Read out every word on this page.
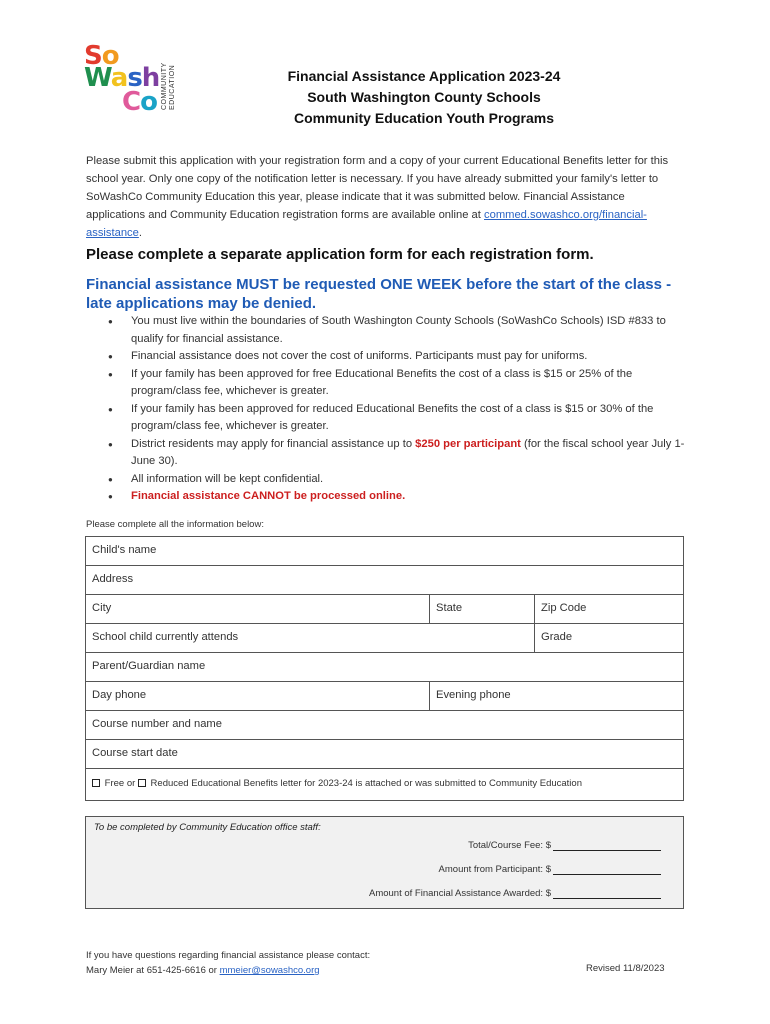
So
Wash
Co COMMUNITY EDUCATION	Financial Assistance Application 2023-24
South Washington County Schools
Community Education Youth Programs

Please submit this application with your registration form and a copy of your current Educational Benefits letter for this school year. Only one copy of the notification letter is necessary. If you have already submitted your family's letter to SoWashCo Community Education this year, please indicate that it was submitted below. Financial Assistance applications and Community Education registration forms are available online at commed.sowashco.org/financial-assistance.

Please complete a separate application form for each registration form.
Financial assistance MUST be requested ONE WEEK before the start of the class - late applications may be denied.
● You must live within the boundaries of South Washington County Schools (SoWashCo Schools) ISD #833 to qualify for financial assistance.
● Financial assistance does not cover the cost of uniforms. Participants must pay for uniforms.
● If your family has been approved for free Educational Benefits the cost of a class is $15 or 25% of the program/class fee, whichever is greater.
● If your family has been approved for reduced Educational Benefits the cost of a class is $15 or 30% of the program/class fee, whichever is greater.
● District residents may apply for financial assistance up to $250 per participant (for the fiscal school year July 1-June 30).
● All information will be kept confidential.
● Financial assistance CANNOT be processed online.
Please complete all the information below:
Child's name
Address
City	State	Zip Code
School child currently attends	Grade
Parent/Guardian name
Day phone	Evening phone
Course number and name
Course start date
Free or Reduced Educational Benefits letter for 2023-24 is attached or was submitted to Community Education
To be completed by Community Education office staff:
Total/Course Fee: $
Amount from Participant: $
Amount of Financial Assistance Awarded: $
If you have questions regarding financial assistance please contact:
Mary Meier at 651-425-6616 or mmeier@sowashco.org	Revised 11/8/2023
